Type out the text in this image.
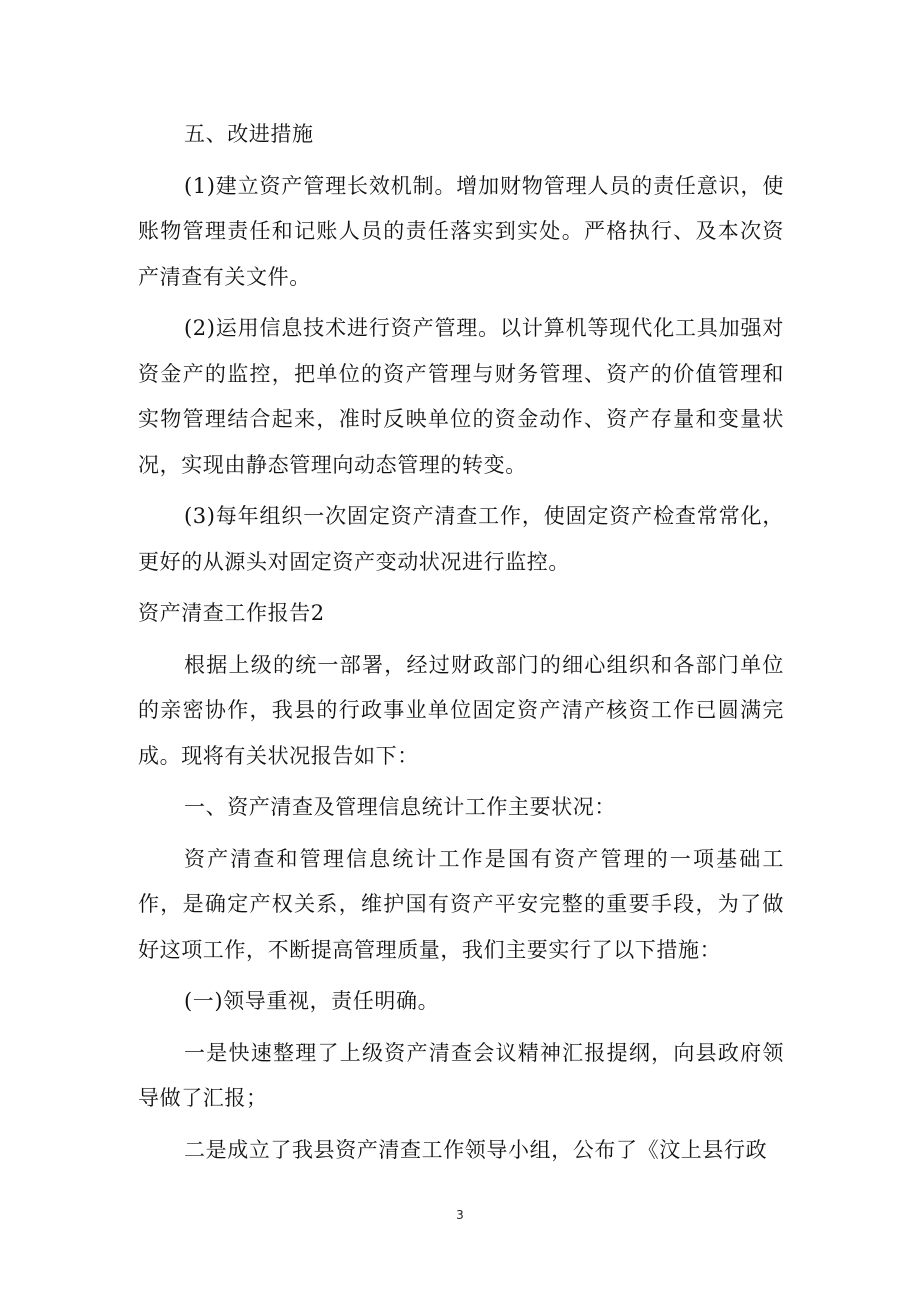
五、改进措施

(1)建立资产管理长效机制。增加财物管理人员的责任意识，使账物管理责任和记账人员的责任落实到实处。严格执行、及本次资产清查有关文件。

(2)运用信息技术进行资产管理。以计算机等现代化工具加强对资金产的监控，把单位的资产管理与财务管理、资产的价值管理和实物管理结合起来，准时反映单位的资金动作、资产存量和变量状况，实现由静态管理向动态管理的转变。

(3)每年组织一次固定资产清查工作，使固定资产检查常常化，更好的从源头对固定资产变动状况进行监控。

资产清查工作报告2

根据上级的统一部署，经过财政部门的细心组织和各部门单位的亲密协作，我县的行政事业单位固定资产清产核资工作已圆满完成。现将有关状况报告如下：

一、资产清查及管理信息统计工作主要状况：

资产清查和管理信息统计工作是国有资产管理的一项基础工作，是确定产权关系，维护国有资产平安完整的重要手段，为了做好这项工作，不断提高管理质量，我们主要实行了以下措施：

(一)领导重视，责任明确。

一是快速整理了上级资产清查会议精神汇报提纲，向县政府领导做了汇报；

二是成立了我县资产清查工作领导小组，公布了《汶上县行政

3
